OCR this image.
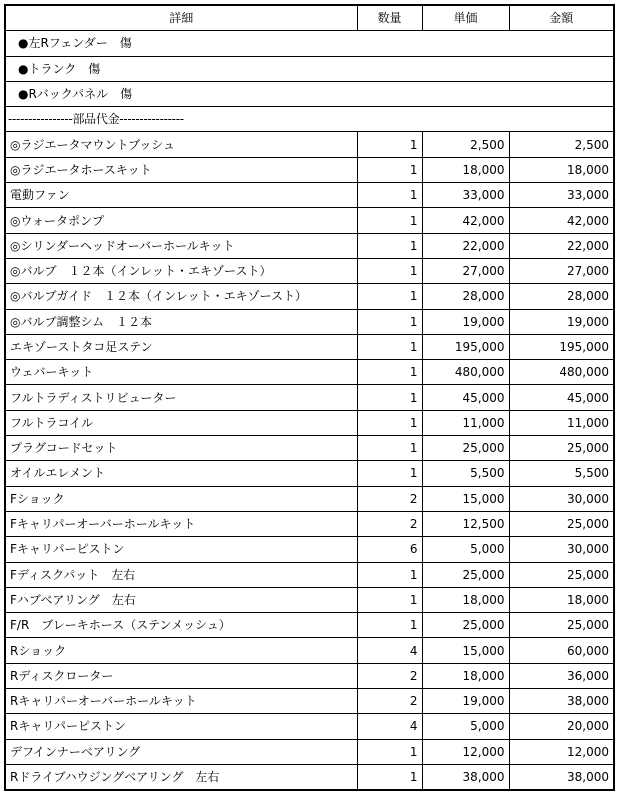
詳細	数量	単価	金額
●左Rフェンダー　傷			
●トランク　傷			
●Rバックパネル　傷			
----------------部品代金----------------			
◎ラジエータマウントブッシュ	1	2,500	2,500
◎ラジエータホースキット	1	18,000	18,000
電動ファン	1	33,000	33,000
◎ウォータポンプ	1	42,000	42,000
◎シリンダーヘッドオーバーホールキット	1	22,000	22,000
◎バルブ　１２本（インレット・エキゾースト）	1	27,000	27,000
◎バルブガイド　１２本（インレット・エキゾースト）	1	28,000	28,000
◎バルブ調整シム　１２本	1	19,000	19,000
エキゾーストタコ足ステン	1	195,000	195,000
ウェバーキット	1	480,000	480,000
フルトラディストリビューター	1	45,000	45,000
フルトラコイル	1	11,000	11,000
プラグコードセット	1	25,000	25,000
オイルエレメント	1	5,500	5,500
Fショック	2	15,000	30,000
Fキャリパーオーバーホールキット	2	12,500	25,000
Fキャリパーピストン	6	5,000	30,000
Fディスクパット　左右	1	25,000	25,000
Fハブベアリング　左右	1	18,000	18,000
F/R　ブレーキホース（ステンメッシュ）	1	25,000	25,000
Rショック	4	15,000	60,000
Rディスクローター	2	18,000	36,000
Rキャリパーオーバーホールキット	2	19,000	38,000
Rキャリパーピストン	4	5,000	20,000
デフインナーベアリング	1	12,000	12,000
Rドライブハウジングベアリング　左右	1	38,000	38,000
